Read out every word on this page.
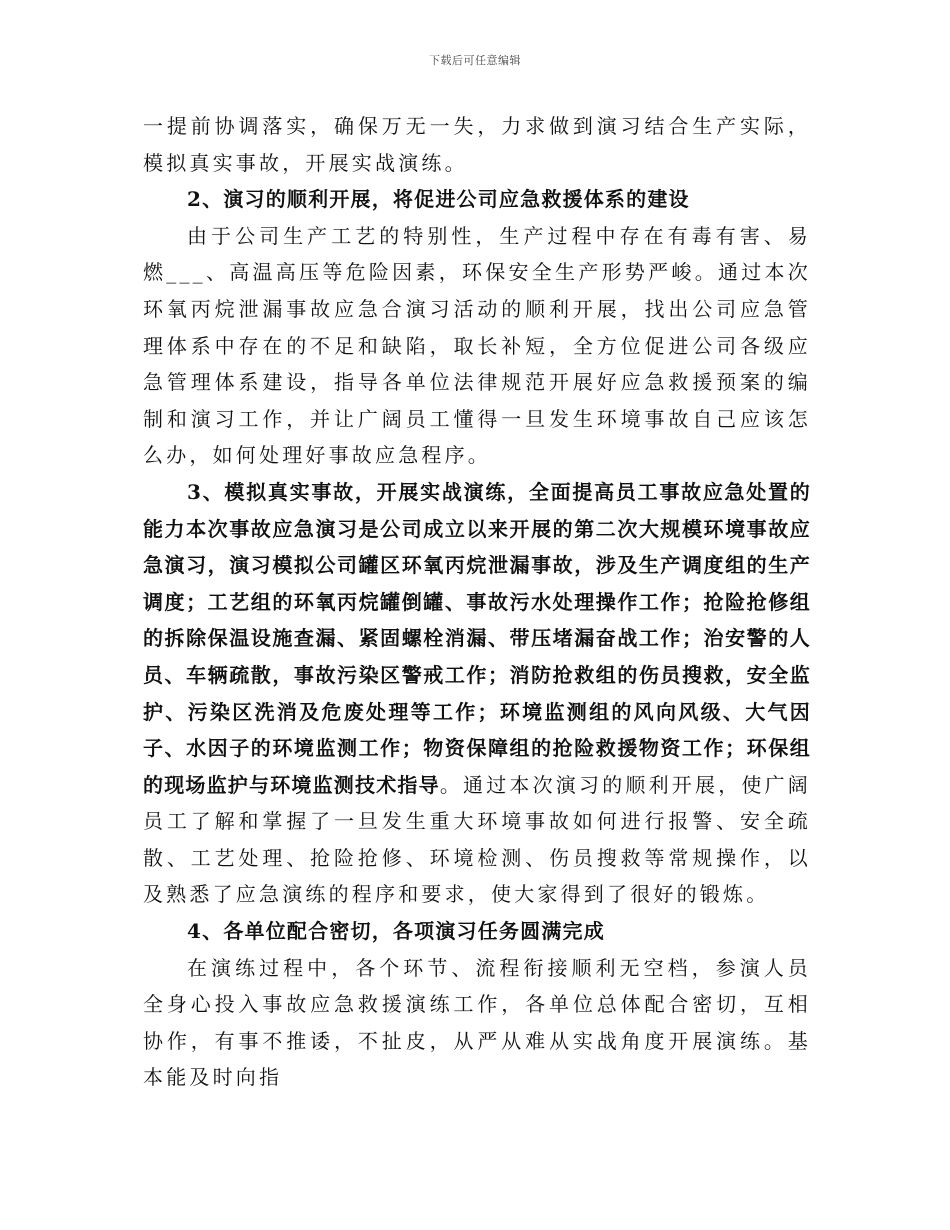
下载后可任意编辑

一提前协调落实，确保万无一失，力求做到演习结合生产实际，模拟真实事故，开展实战演练。

2、演习的顺利开展，将促进公司应急救援体系的建设

由于公司生产工艺的特别性，生产过程中存在有毒有害、易燃___、高温高压等危险因素，环保安全生产形势严峻。通过本次环氧丙烷泄漏事故应急合演习活动的顺利开展，找出公司应急管理体系中存在的不足和缺陷，取长补短，全方位促进公司各级应急管理体系建设，指导各单位法律规范开展好应急救援预案的编制和演习工作，并让广阔员工懂得一旦发生环境事故自己应该怎么办，如何处理好事故应急程序。

3、模拟真实事故，开展实战演练，全面提高员工事故应急处置的能力本次事故应急演习是公司成立以来开展的第二次大规模环境事故应急演习，演习模拟公司罐区环氧丙烷泄漏事故，涉及生产调度组的生产调度；工艺组的环氧丙烷罐倒罐、事故污水处理操作工作；抢险抢修组的拆除保温设施查漏、紧固螺栓消漏、带压堵漏奋战工作；治安警的人员、车辆疏散，事故污染区警戒工作；消防抢救组的伤员搜救，安全监护、污染区洗消及危废处理等工作；环境监测组的风向风级、大气因子、水因子的环境监测工作；物资保障组的抢险救援物资工作；环保组的现场监护与环境监测技术指导。通过本次演习的顺利开展，使广阔员工了解和掌握了一旦发生重大环境事故如何进行报警、安全疏散、工艺处理、抢险抢修、环境检测、伤员搜救等常规操作，以及熟悉了应急演练的程序和要求，使大家得到了很好的锻炼。

4、各单位配合密切，各项演习任务圆满完成

在演练过程中，各个环节、流程衔接顺利无空档，参演人员全身心投入事故应急救援演练工作，各单位总体配合密切，互相协作，有事不推诿，不扯皮，从严从难从实战角度开展演练。基本能及时向指
